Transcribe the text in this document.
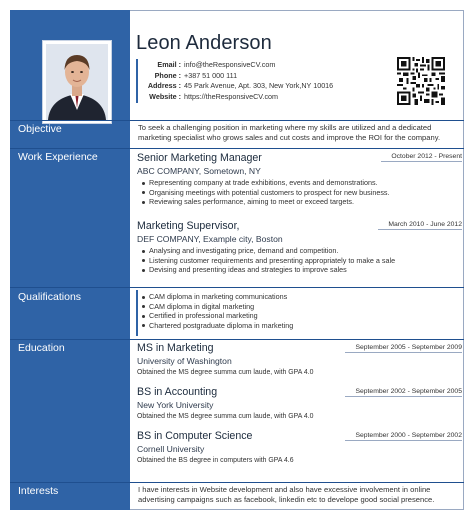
Leon Anderson
Email : info@theResponsiveCV.com
Phone : +387 51 000 111
Address : 45 Park Avenue, Apt. 303, New York,NY 10016
Website : https://theResponsiveCV.com
Objective	To seek a challenging position in marketing where my skills are utilized and a dedicated marketing specialist who grows sales and cut costs and improve the ROI for the company.
Work Experience	Senior Marketing Manager	October 2012 - Present
ABC COMPANY, Sometown, NY
Representing company at trade exhibitions, events and demonstrations.
Organising meetings with potential customers to prospect for new business.
Reviewing sales performance, aiming to meet or exceed targets.
Marketing Supervisor,	March 2010 - June 2012
DEF COMPANY, Example city, Boston
Analysing and investigating price, demand and competition.
Listening customer requirements and presenting appropriately to make a sale
Devising and presenting ideas and strategies to improve sales
Qualifications	CAM diploma in marketing communications
CAM diploma in digital marketing
Certified in professional marketing
Chartered postgraduate diploma in marketing
Education	MS in Marketing	September 2005 - September 2009
University of Washington
Obtained the MS degree summa cum laude, with GPA 4.0
BS in Accounting	September 2002 - September 2005
New York University
Obtained the MS degree summa cum laude, with GPA 4.0
BS in Computer Science	September 2000 - September 2002
Cornell University
Obtained the BS degree in computers with GPA 4.6
Interests	I have interests in Website development and also have excessive involvement in online advertising campaigns such as facebook, linkedin etc to develope good social presence.
